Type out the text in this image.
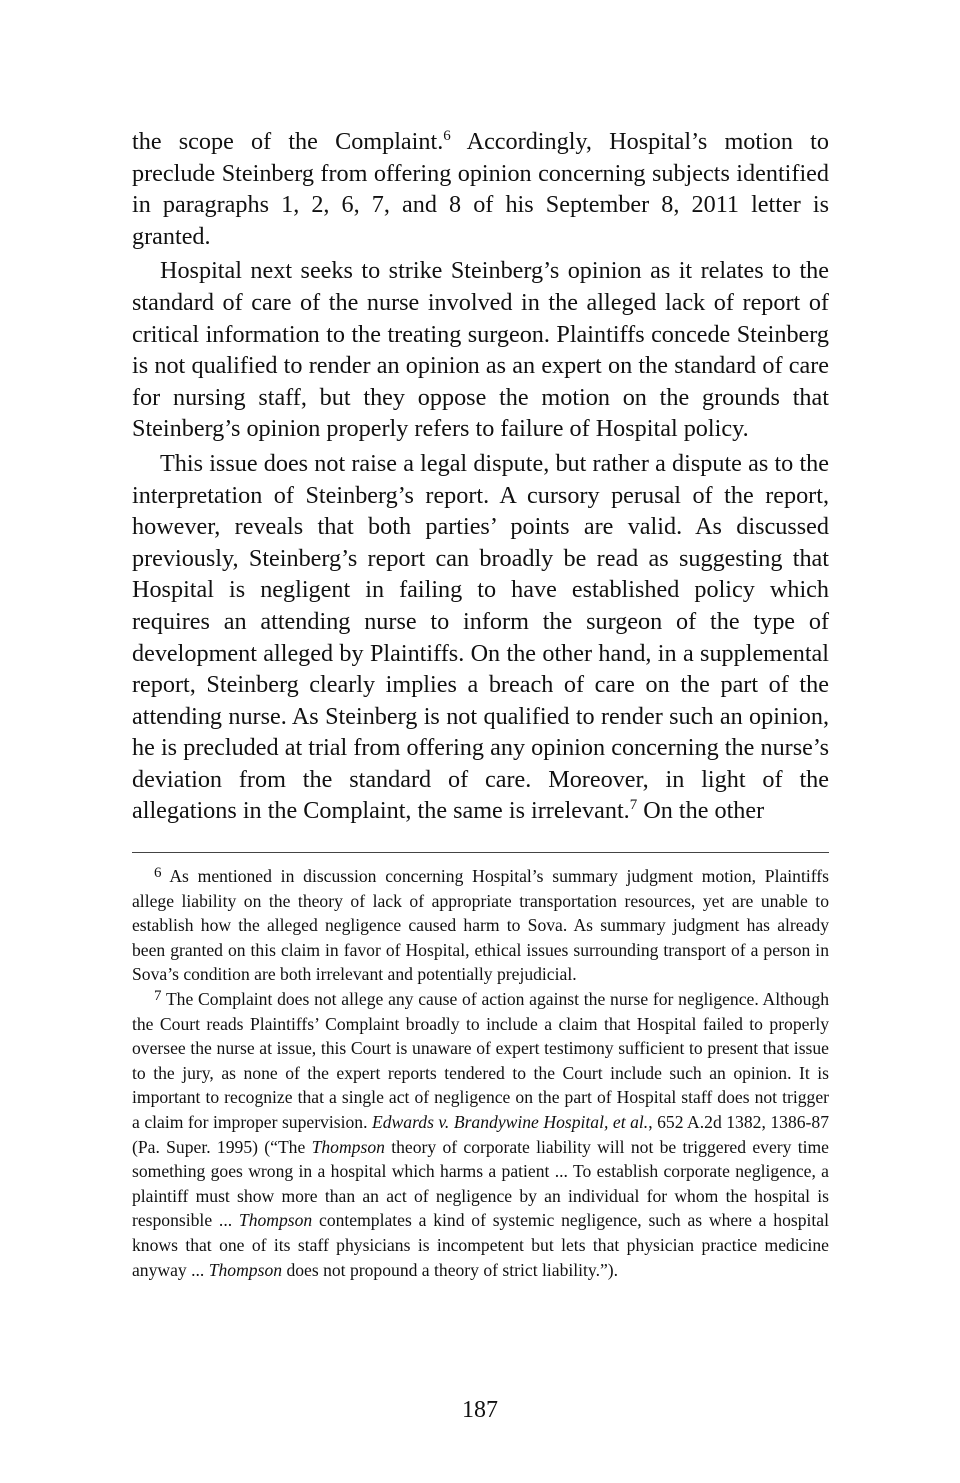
the scope of the Complaint.$^6$ Accordingly, Hospital’s motion to preclude Steinberg from offering opinion concerning subjects identified in paragraphs 1, 2, 6, 7, and 8 of his September 8, 2011 letter is granted.

Hospital next seeks to strike Steinberg’s opinion as it relates to the standard of care of the nurse involved in the alleged lack of report of critical information to the treating surgeon. Plaintiffs concede Steinberg is not qualified to render an opinion as an expert on the standard of care for nursing staff, but they oppose the motion on the grounds that Steinberg’s opinion properly refers to failure of Hospital policy.

This issue does not raise a legal dispute, but rather a dispute as to the interpretation of Steinberg’s report. A cursory perusal of the report, however, reveals that both parties’ points are valid. As discussed previously, Steinberg’s report can broadly be read as suggesting that Hospital is negligent in failing to have established policy which requires an attending nurse to inform the surgeon of the type of development alleged by Plaintiffs. On the other hand, in a supplemental report, Steinberg clearly implies a breach of care on the part of the attending nurse. As Steinberg is not qualified to render such an opinion, he is precluded at trial from offering any opinion concerning the nurse’s deviation from the standard of care. Moreover, in light of the allegations in the Complaint, the same is irrelevant.$^7$ On the other

6 As mentioned in discussion concerning Hospital’s summary judgment motion, Plaintiffs allege liability on the theory of lack of appropriate transportation resources, yet are unable to establish how the alleged negligence caused harm to Sova. As summary judgment has already been granted on this claim in favor of Hospital, ethical issues surrounding transport of a person in Sova’s condition are both irrelevant and potentially prejudicial.

7 The Complaint does not allege any cause of action against the nurse for negligence. Although the Court reads Plaintiffs’ Complaint broadly to include a claim that Hospital failed to properly oversee the nurse at issue, this Court is unaware of expert testimony sufficient to present that issue to the jury, as none of the expert reports tendered to the Court include such an opinion. It is important to recognize that a single act of negligence on the part of Hospital staff does not trigger a claim for improper supervision. Edwards v. Brandywine Hospital, et al., 652 A.2d 1382, 1386-87 (Pa. Super. 1995) (“The Thompson theory of corporate liability will not be triggered every time something goes wrong in a hospital which harms a patient ... To establish corporate negligence, a plaintiff must show more than an act of negligence by an individual for whom the hospital is responsible ... Thompson contemplates a kind of systemic negligence, such as where a hospital knows that one of its staff physicians is incompetent but lets that physician practice medicine anyway ... Thompson does not propound a theory of strict liability.”).

187
